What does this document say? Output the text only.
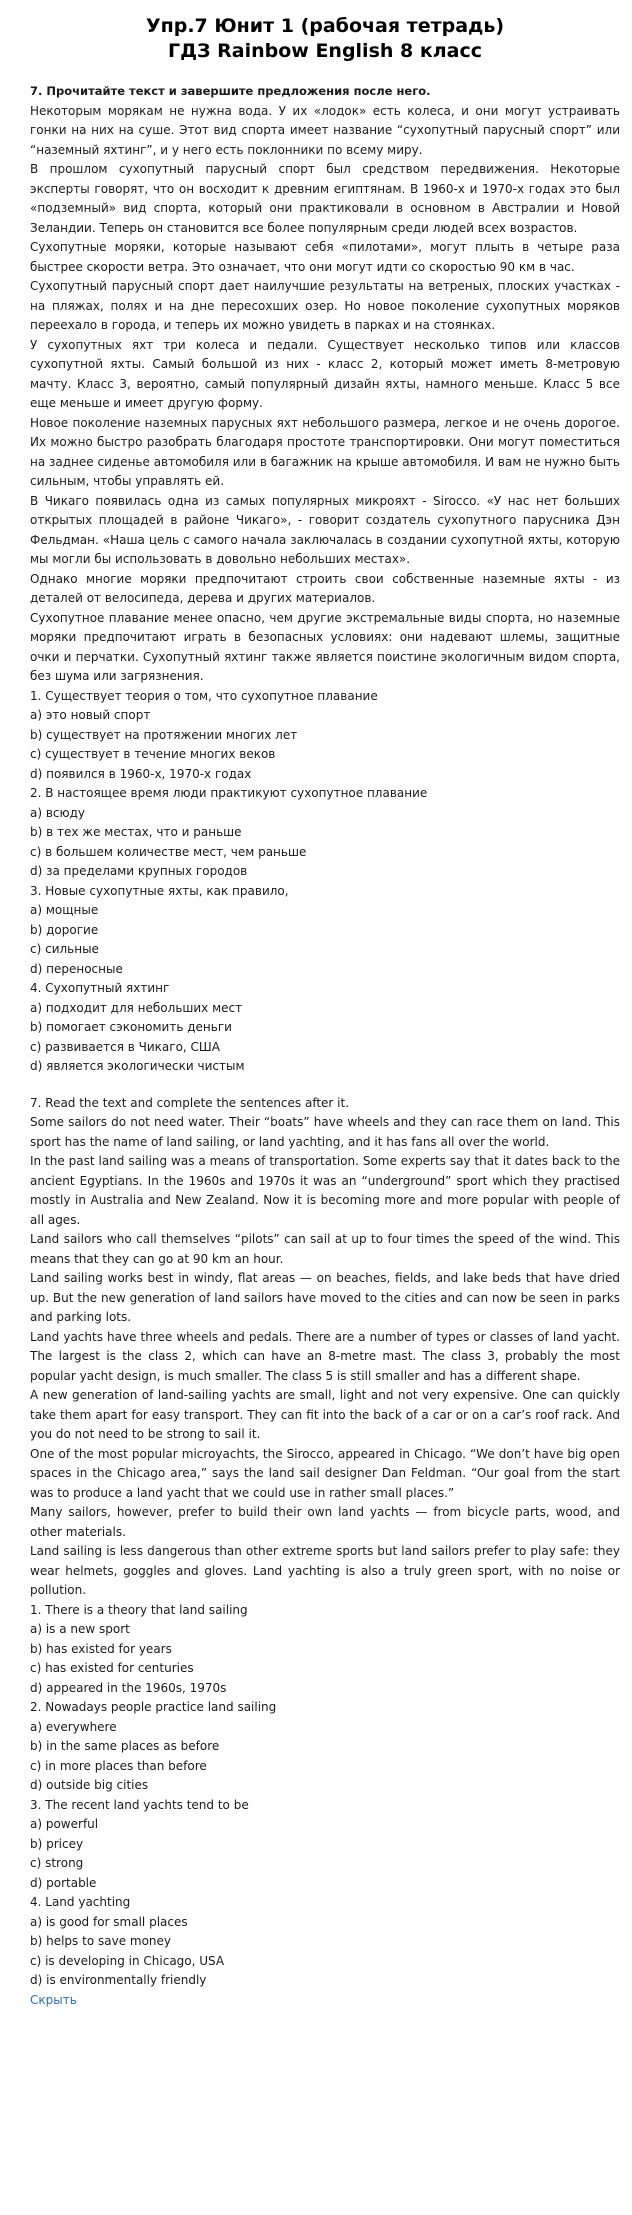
Упр.7 Юнит 1 (рабочая тетрадь)
ГДЗ Rainbow English 8 класс

7. Прочитайте текст и завершите предложения после него.

Некоторым морякам не нужна вода. У их «лодок» есть колеса, и они могут устраивать гонки на них на суше. Этот вид спорта имеет название “сухопутный парусный спорт” или “наземный яхтинг”, и у него есть поклонники по всему миру.

В прошлом сухопутный парусный спорт был средством передвижения. Некоторые эксперты говорят, что он восходит к древним египтянам. В 1960-х и 1970-х годах это был «подземный» вид спорта, который они практиковали в основном в Австралии и Новой Зеландии. Теперь он становится все более популярным среди людей всех возрастов.

Сухопутные моряки, которые называют себя «пилотами», могут плыть в четыре раза быстрее скорости ветра. Это означает, что они могут идти со скоростью 90 км в час.

Сухопутный парусный спорт дает наилучшие результаты на ветреных, плоских участках - на пляжах, полях и на дне пересохших озер. Но новое поколение сухопутных моряков переехало в города, и теперь их можно увидеть в парках и на стоянках.

У сухопутных яхт три колеса и педали. Существует несколько типов или классов сухопутной яхты. Самый большой из них - класс 2, который может иметь 8-метровую мачту. Класс 3, вероятно, самый популярный дизайн яхты, намного меньше. Класс 5 все еще меньше и имеет другую форму.

Новое поколение наземных парусных яхт небольшого размера, легкое и не очень дорогое. Их можно быстро разобрать благодаря простоте транспортировки. Они могут поместиться на заднее сиденье автомобиля или в багажник на крыше автомобиля. И вам не нужно быть сильным, чтобы управлять ей.

В Чикаго появилась одна из самых популярных микрояхт - Sirocco. «У нас нет больших открытых площадей в районе Чикаго», - говорит создатель сухопутного парусника Дэн Фельдман. «Наша цель с самого начала заключалась в создании сухопутной яхты, которую мы могли бы использовать в довольно небольших местах».

Однако многие моряки предпочитают строить свои собственные наземные яхты - из деталей от велосипеда, дерева и других материалов.

Сухопутное плавание менее опасно, чем другие экстремальные виды спорта, но наземные моряки предпочитают играть в безопасных условиях: они надевают шлемы, защитные очки и перчатки. Сухопутный яхтинг также является поистине экологичным видом спорта, без шума или загрязнения.

1. Существует теория о том, что сухопутное плавание

a) это новый спорт

b) существует на протяжении многих лет

c) существует в течение многих веков

d) появился в 1960-х, 1970-х годах

2. В настоящее время люди практикуют сухопутное плавание

a) всюду

b) в тех же местах, что и раньше

c) в большем количестве мест, чем раньше

d) за пределами крупных городов

3. Новые сухопутные яхты, как правило,

a) мощные

b) дорогие

c) сильные

d) переносные

4. Сухопутный яхтинг

a) подходит для небольших мест

b) помогает сэкономить деньги

c) развивается в Чикаго, США

d) является экологически чистым

7. Read the text and complete the sentences after it.

Some sailors do not need water. Their “boats” have wheels and they can race them on land. This sport has the name of land sailing, or land yachting, and it has fans all over the world.

In the past land sailing was a means of transportation. Some experts say that it dates back to the ancient Egyptians. In the 1960s and 1970s it was an “underground” sport which they practised mostly in Australia and New Zealand. Now it is becoming more and more popular with people of all ages.

Land sailors who call themselves “pilots” can sail at up to four times the speed of the wind. This means that they can go at 90 km an hour.

Land sailing works best in windy, flat areas — on beaches, fields, and lake beds that have dried up. But the new generation of land sailors have moved to the cities and can now be seen in parks and parking lots.

Land yachts have three wheels and pedals. There are a number of types or classes of land yacht. The largest is the class 2, which can have an 8-metre mast. The class 3, probably the most popular yacht design, is much smaller. The class 5 is still smaller and has a different shape.

A new generation of land-sailing yachts are small, light and not very expensive. One can quickly take them apart for easy transport. They can fit into the back of a car or on a car’s roof rack. And you do not need to be strong to sail it.

One of the most popular microyachts, the Sirocco, appeared in Chicago. “We don’t have big open spaces in the Chicago area,” says the land sail designer Dan Feldman. “Our goal from the start was to produce a land yacht that we could use in rather small places.”

Many sailors, however, prefer to build their own land yachts — from bicycle parts, wood, and other materials.

Land sailing is less dangerous than other extreme sports but land sailors prefer to play safe: they wear helmets, goggles and gloves. Land yachting is also a truly green sport, with no noise or pollution.

1. There is a theory that land sailing

a) is a new sport

b) has existed for years

c) has existed for centuries

d) appeared in the 1960s, 1970s

2. Nowadays people practice land sailing

a) everywhere

b) in the same places as before

c) in more places than before

d) outside big cities

3. The recent land yachts tend to be

a) powerful

b) pricey

c) strong

d) portable

4. Land yachting

a) is good for small places

b) helps to save money

c) is developing in Chicago, USA

d) is environmentally friendly

Скрыть
